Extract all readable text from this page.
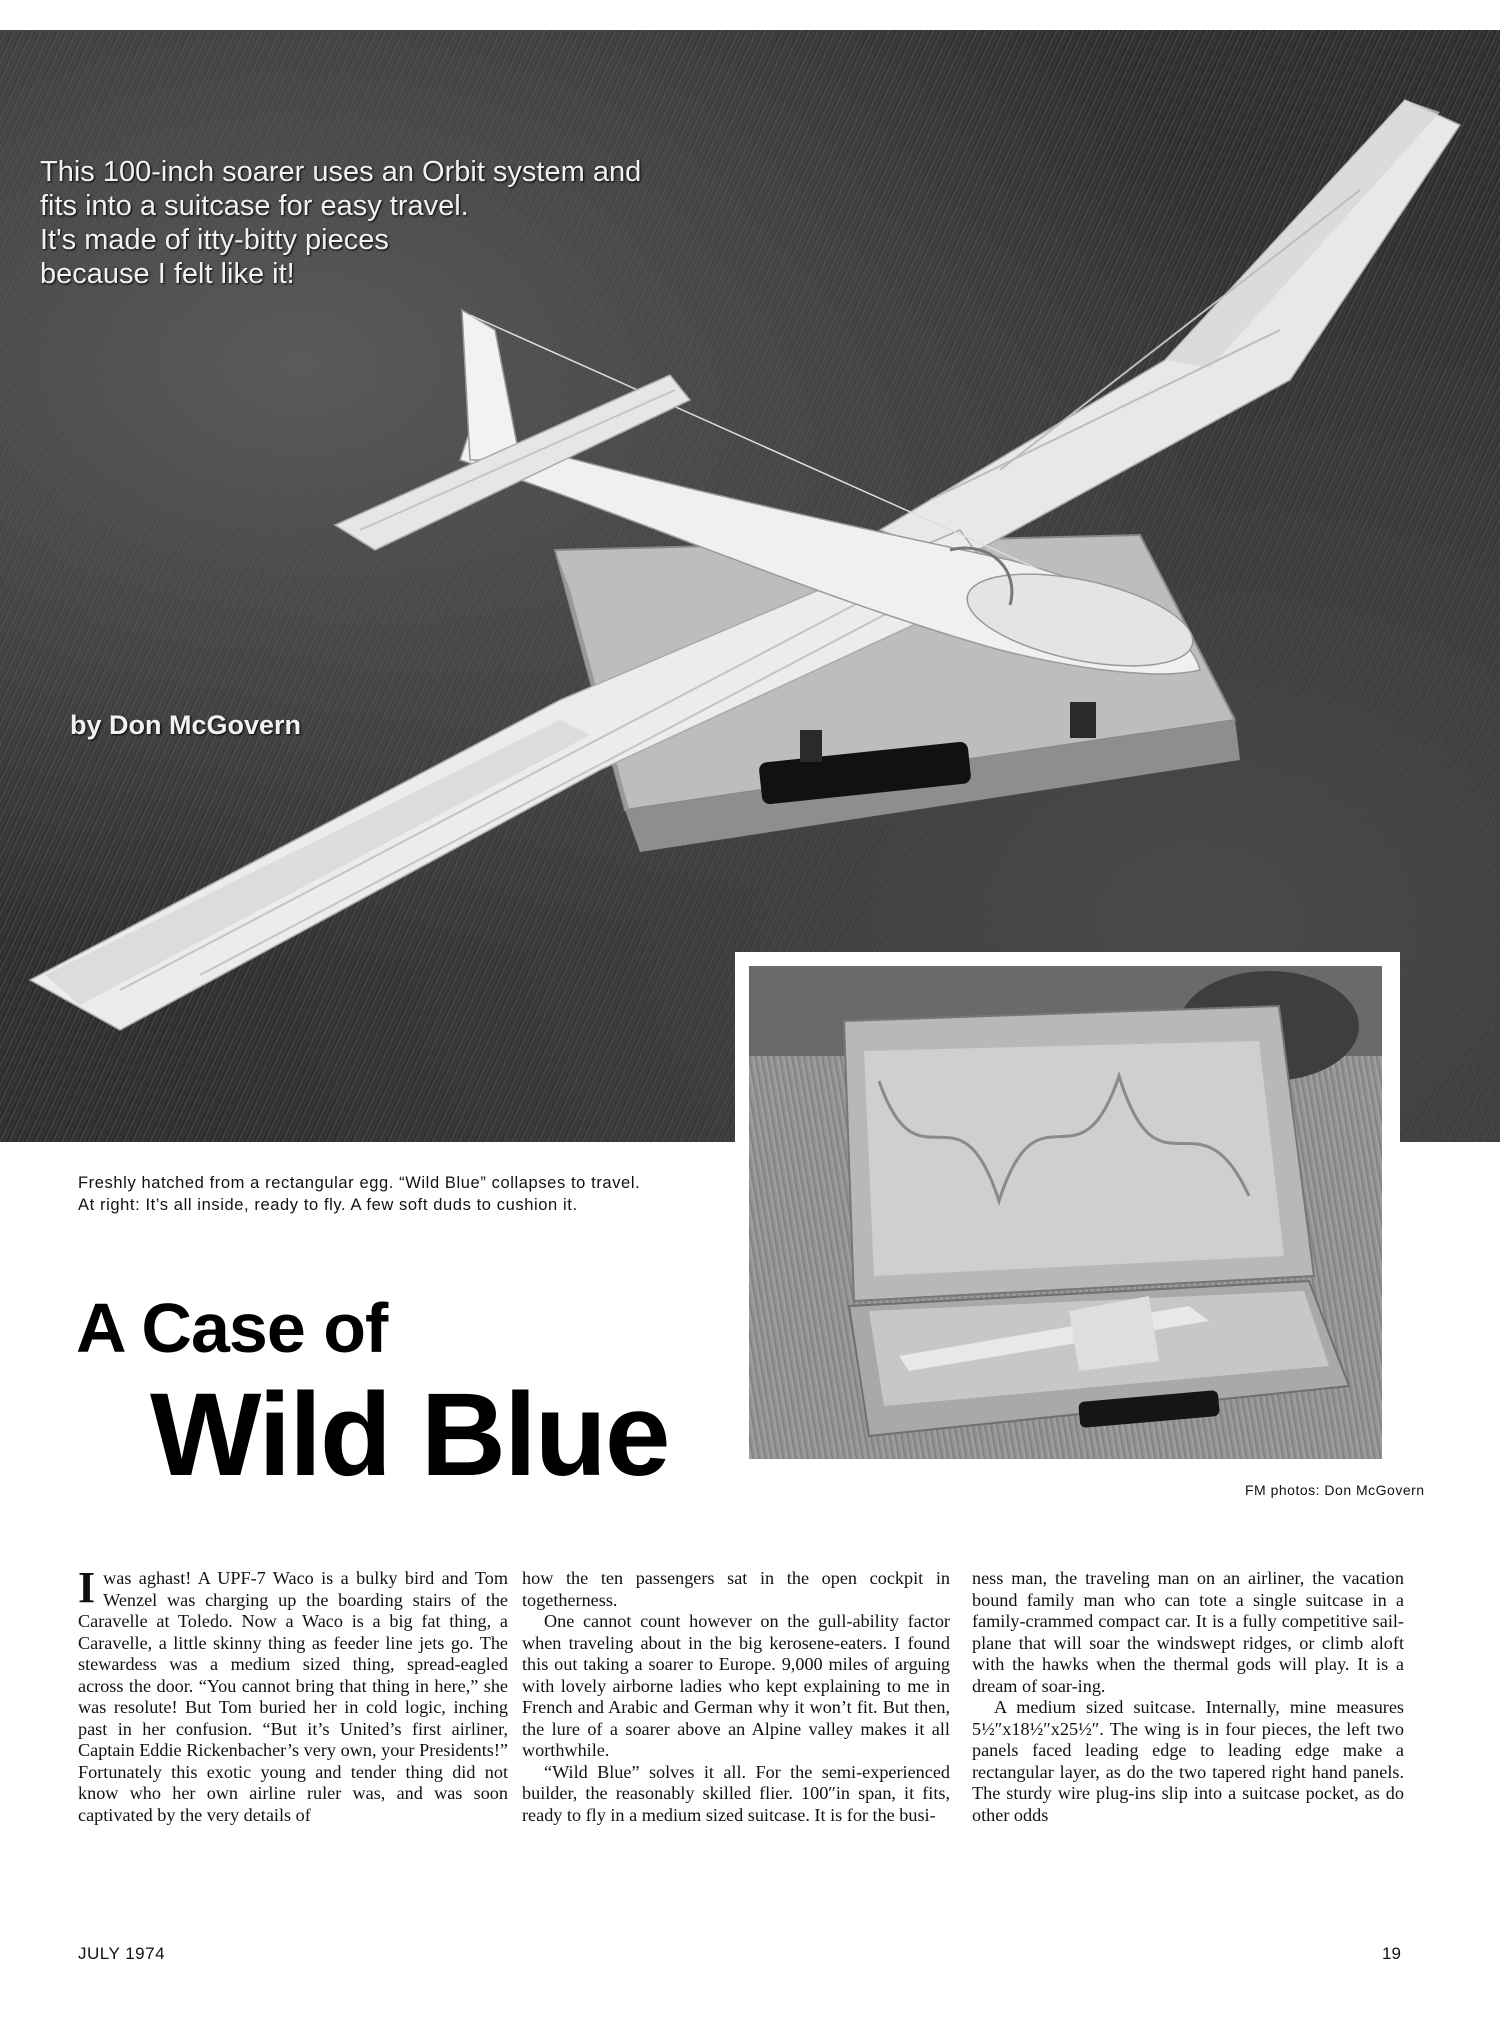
This 100-inch soarer uses an Orbit system and
fits into a suitcase for easy travel.
It's made of itty-bitty pieces
because I felt like it!
by Don McGovern
Freshly hatched from a rectangular egg. “Wild Blue” collapses to travel.
At right: It’s all inside, ready to fly. A few soft duds to cushion it.
FM photos: Don McGovern
A Case of
Wild Blue

I was aghast! A UPF-7 Waco is a bulky bird and Tom Wenzel was charging up the boarding stairs of the Caravelle at Toledo. Now a Waco is a big fat thing, a Caravelle, a little skinny thing as feeder line jets go. The stewardess was a medium sized thing, spread-eagled across the door. “You cannot bring that thing in here,” she was resolute! But Tom buried her in cold logic, inching past in her confusion. “But it’s United’s first airliner, Captain Eddie Rickenbacher’s very own, your Presidents!” Fortunately this exotic young and tender thing did not know who her own airline ruler was, and was soon captivated by the very details of

how the ten passengers sat in the open cockpit in togetherness.

One cannot count however on the gull-ability factor when traveling about in the big kerosene-eaters. I found this out taking a soarer to Europe. 9,000 miles of arguing with lovely airborne ladies who kept explaining to me in French and Arabic and German why it won’t fit. But then, the lure of a soarer above an Alpine valley makes it all worthwhile.

“Wild Blue” solves it all. For the semi-experienced builder, the reasonably skilled flier. 100″in span, it fits, ready to fly in a medium sized suitcase. It is for the busi-

ness man, the traveling man on an airliner, the vacation bound family man who can tote a single suitcase in a family-crammed compact car. It is a fully competitive sail-plane that will soar the windswept ridges, or climb aloft with the hawks when the thermal gods will play. It is a dream of soar-ing.

A medium sized suitcase. Internally, mine measures 5½″x18½″x25½″. The wing is in four pieces, the left two panels faced leading edge to leading edge make a rectangular layer, as do the two tapered right hand panels. The sturdy wire plug-ins slip into a suitcase pocket, as do other odds

JULY 1974	19
